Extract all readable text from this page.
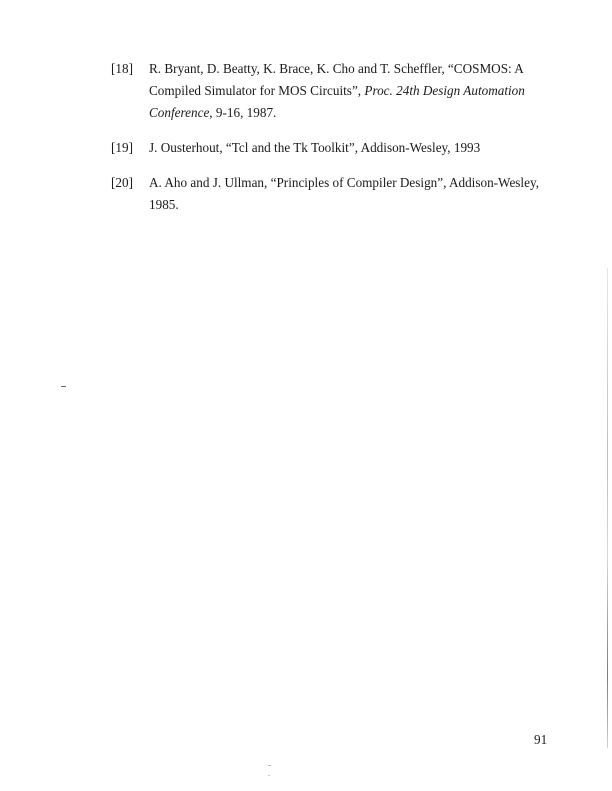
[18]	R. Bryant, D. Beatty, K. Brace, K. Cho and T. Scheffler, “COSMOS: A Compiled Simulator for MOS Circuits”, Proc. 24th Design Automation Conference, 9-16, 1987.
[19]	J. Ousterhout, “Tcl and the Tk Toolkit”, Addison-Wesley, 1993
[20]	A. Aho and J. Ullman, “Principles of Compiler Design”, Addison-Wesley, 1985.
91
